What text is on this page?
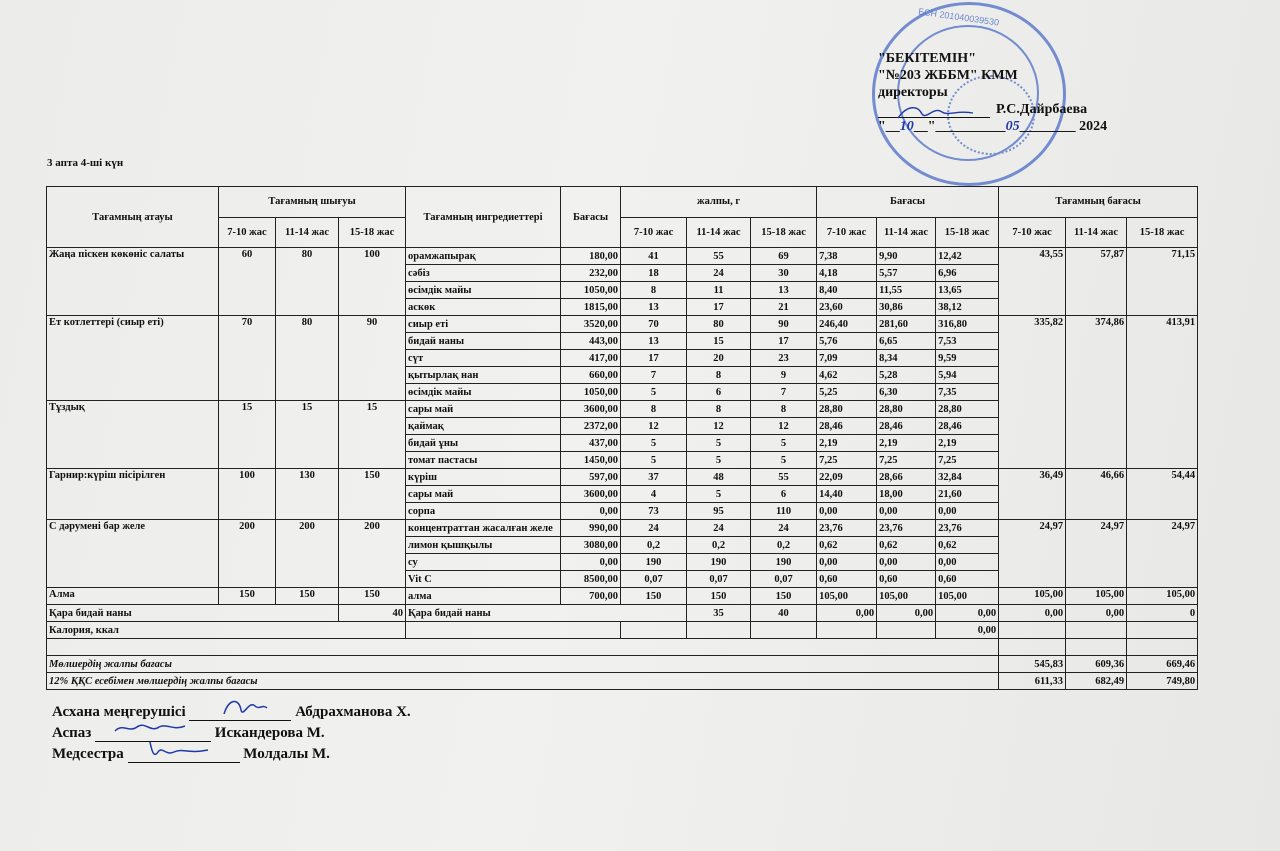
БСН 201040039530
"БЕКІТЕМІН"
"№203 ЖББМ" КММ
директоры
Р.С.Дайрбаева
"__10__"__________05________ 2024
3 апта 4-ші күн
Тағамның атауы	Тағамның шығуы			Тағамның ингредиеттері	Бағасы	жалпы, г			Бағасы			Тағамның бағасы		
	7-10 жас	11-14 жас	15-18 жас			7-10 жас	11-14 жас	15-18 жас	7-10 жас	11-14 жас	15-18 жас	7-10 жас	11-14 жас	15-18 жас
Жаңа піскен көкөніс салаты	60	80	100	орамжапырақ	180,00	41	55	69	7,38	9,90	12,42	43,55	57,87	71,15
				сәбіз	232,00	18	24	30	4,18	5,57	6,96			
				өсімдік майы	1050,00	8	11	13	8,40	11,55	13,65			
				аскөк	1815,00	13	17	21	23,60	30,86	38,12			
Ет котлеттері (сиыр еті)	70	80	90	сиыр еті	3520,00	70	80	90	246,40	281,60	316,80	335,82	374,86	413,91
				бидай наны	443,00	13	15	17	5,76	6,65	7,53			
				сүт	417,00	17	20	23	7,09	8,34	9,59			
				қытырлақ нан	660,00	7	8	9	4,62	5,28	5,94			
				өсімдік майы	1050,00	5	6	7	5,25	6,30	7,35			
Тұздық	15	15	15	сары май	3600,00	8	8	8	28,80	28,80	28,80			
				қаймақ	2372,00	12	12	12	28,46	28,46	28,46			
				бидай ұны	437,00	5	5	5	2,19	2,19	2,19			
				томат пастасы	1450,00	5	5	5	7,25	7,25	7,25			
Гарнир:күріш пісірілген	100	130	150	күріш	597,00	37	48	55	22,09	28,66	32,84	36,49	46,66	54,44
				сары май	3600,00	4	5	6	14,40	18,00	21,60			
				сорпа	0,00	73	95	110	0,00	0,00	0,00			
С дәрумені бар желе	200	200	200	концентраттан жасалған желе	990,00	24	24	24	23,76	23,76	23,76	24,97	24,97	24,97
				лимон қышқылы	3080,00	0,2	0,2	0,2	0,62	0,62	0,62			
				су	0,00	190	190	190	0,00	0,00	0,00			
				Vit C	8500,00	0,07	0,07	0,07	0,60	0,60	0,60			
Алма	150	150	150	алма	700,00	150	150	150	105,00	105,00	105,00	105,00	105,00	105,00
Қара бидай наны			40	Қара бидай наны			35	40	0,00	0,00	0,00	0,00	0,00	0
Калория, ккал											0,00			

Мөлшердің жалпы бағасы												545,83	609,36	669,46
12% ҚҚС есебімен мөлшердің жалпы бағасы												611,33	682,49	749,80
Асхана меңгерушісі	Абдрахманова Х.
Аспаз	Искандерова М.
Медсестра	Молдалы М.
